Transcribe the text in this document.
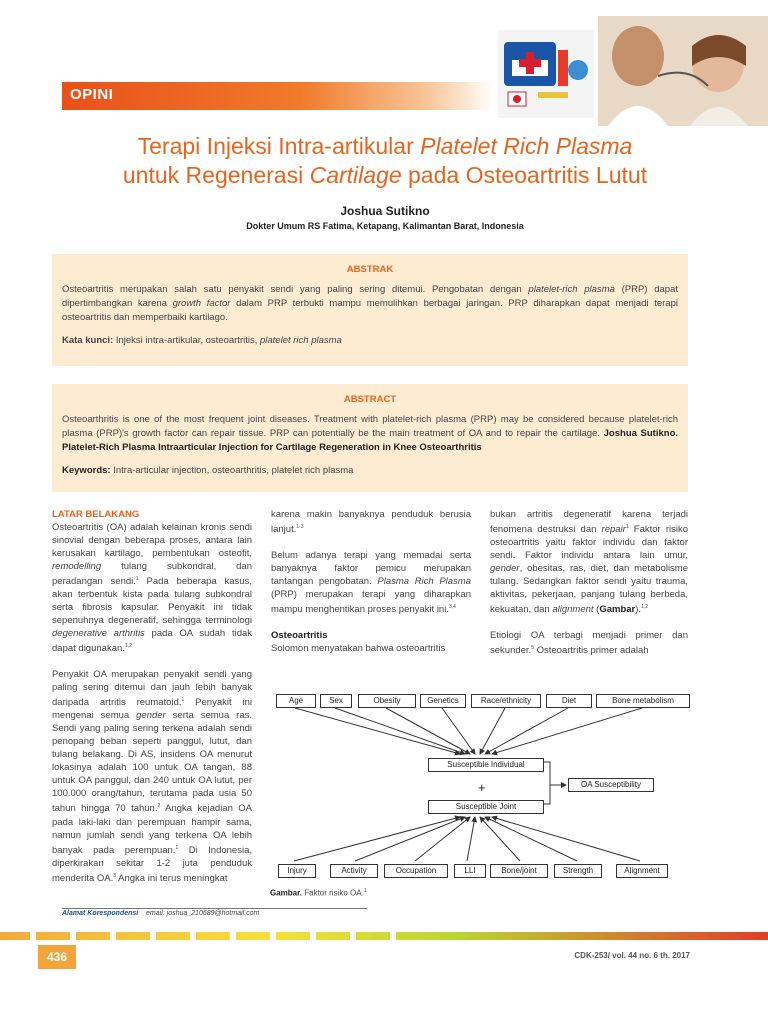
OPINI
Terapi Injeksi Intra-artikular Platelet Rich Plasma
untuk Regenerasi Cartilage pada Osteoartritis Lutut
Joshua Sutikno
Dokter Umum RS Fatima, Ketapang, Kalimantan Barat, Indonesia
ABSTRAK
Osteoartritis merupakan salah satu penyakit sendi yang paling sering ditemui. Pengobatan dengan platelet-rich plasma (PRP) dapat dipertimbangkan karena growth factor dalam PRP terbukti mampu memulihkan berbagai jaringan. PRP diharapkan dapat menjadi terapi osteoartritis dan memperbaiki kartilago.
Kata kunci: Injeksi intra-artikular, osteoartritis, platelet rich plasma
ABSTRACT
Osteoarthritis is one of the most frequent joint diseases. Treatment with platelet-rich plasma (PRP) may be considered because platelet-rich plasma (PRP)'s growth factor can repair tissue. PRP can potentially be the main treatment of OA and to repair the cartilage. Joshua Sutikno. Platelet-Rich Plasma Intraarticular Injection for Cartilage Regeneration in Knee Osteoarthritis
Keywords: Intra-articular injection, osteoarthritis, platelet rich plasma
LATAR BELAKANG
Osteoartritis (OA) adalah kelainan kronis sendi sinovial dengan beberapa proses, antara lain kerusakan kartilago, pembentukan osteofit, remodelling tulang subkondral, dan peradangan sendi.$^1$ Pada beberapa kasus, akan terbentuk kista pada tulang subkondral serta fibrosis kapsular. Penyakit ini tidak sepenuhnya degeneratif, sehingga terminologi degenerative arthritis pada OA sudah tidak dapat digunakan.$^{1,2}$
Penyakit OA merupakan penyakit sendi yang paling sering ditemui dan jauh lebih banyak daripada artritis reumatoid.$^1$ Penyakit ini mengenai semua gender serta semua ras. Sendi yang paling sering terkena adalah sendi penopang beban seperti panggul, lutut, dan tulang belakang. Di AS, insidens OA menurut lokasinya adalah 100 untuk OA tangan, 88 untuk OA panggul, dan 240 untuk OA lutut, per 100.000 orang/tahun, terutama pada usia 50 tahun hingga 70 tahun.$^2$ Angka kejadian OA pada laki-laki dan perempuan hampir sama, namun jumlah sendi yang terkena OA lebih banyak pada perempuan.$^1$ Di Indonesia, diperkirakan sekitar 1-2 juta penduduk menderita OA.$^3$ Angka ini terus meningkat
karena makin banyaknya penduduk berusia lanjut.$^{1-3}$
Belum adanya terapi yang memadai serta banyaknya faktor pemicu merupakan tantangan pengobatan. Plasma Rich Plasma (PRP) merupakan terapi yang diharapkan mampu menghentikan proses penyakit ini.$^{3,4}$
Osteoartritis
Solomon menyatakan bahwa osteoartritis
bukan artritis degeneratif karena terjadi fenomena destruksi dan repair$^1$ Faktor risiko osteoartritis yaitu faktor individu dan faktor sendi. Faktor individu antara lain umur, gender, obesitas, ras, diet, dan metabolisme tulang. Sedangkan faktor sendi yaitu trauma, aktivitas, pekerjaan, panjang tulang berbeda, kekuatan, dan alignment (Gambar).$^{1,2}$
Etiologi OA terbagi menjadi primer dan sekunder.$^5$ Osteoartritis primer adalah
Age	Sex	Obesity	Genetics	Race/ethnicity	Diet	Bone metabolism
Susceptible Individual
+
Susceptible Joint
OA Susceptibility
Injury	Activity	Occupation	LLI	Bone/joint	Strength	Alignment
Gambar. Faktor risiko OA.$^1$
Alamat Korespondensi email: joshua_210689@hotmail.com
436	CDK-253/ vol. 44 no. 6 th. 2017
